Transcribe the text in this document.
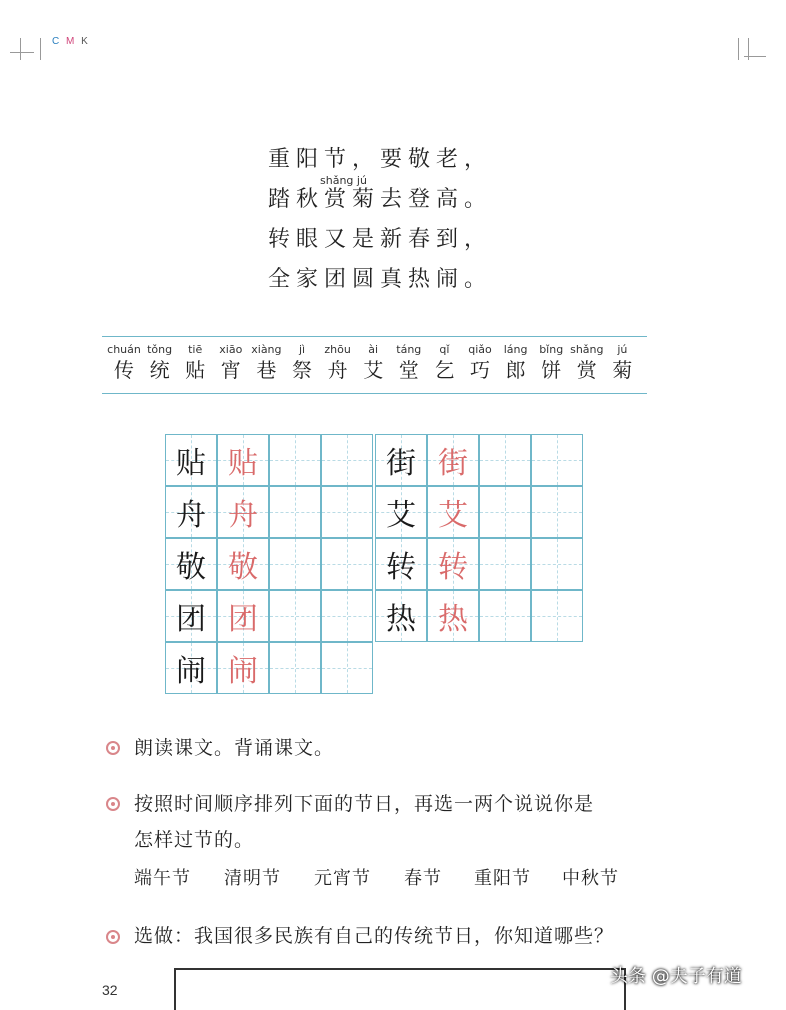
C M K
重阳节，要敬老，
踏秋赏菊去登高。
转眼又是新春到，
全家团圆真热闹。
shǎng jú
chuán
传
tǒng
统
tiē
贴
xiāo
宵
xiàng
巷
jì
祭
zhōu
舟
ài
艾
táng
堂
qǐ
乞
qiǎo
巧
láng
郎
bǐng
饼
shǎng
赏
jú
菊
贴 贴
舟 舟
敬 敬
团 团
闹 闹
街 街
艾 艾
转 转
热 热
朗读课文。背诵课文。
按照时间顺序排列下面的节日，再选一两个说说你是
怎样过节的。
端午节 清明节 元宵节 春节 重阳节 中秋节
选做：我国很多民族有自己的传统节日，你知道哪些？
32
头条 @夫子有道
